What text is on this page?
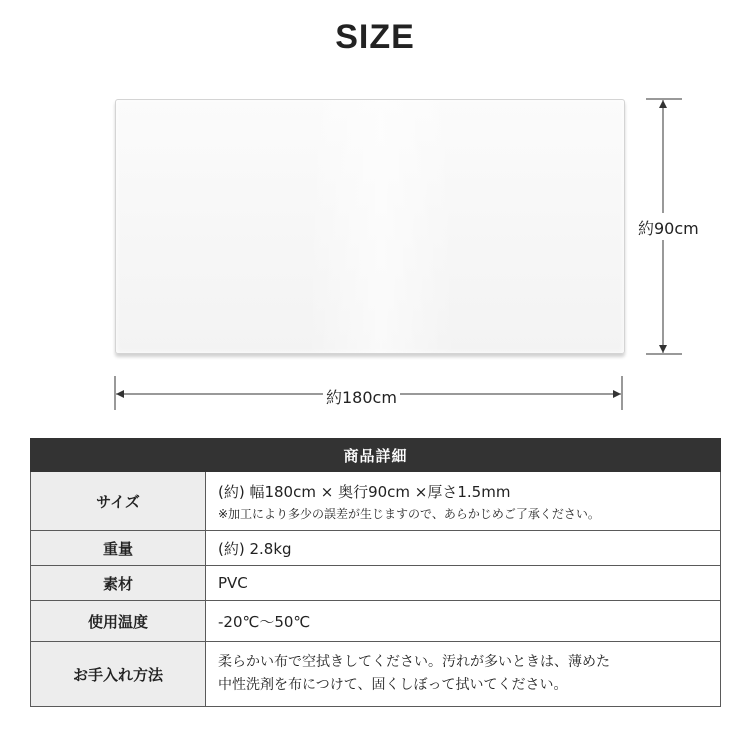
SIZE
約180cm
約90cm
商品詳細	
サイズ	(約) 幅180cm × 奥行90cm ×厚さ1.5mm
※加工により多少の誤差が生じますので、あらかじめご了承ください。

重量	(約) 2.8kg
素材	PVC
使用温度	-20℃〜50℃
お手入れ方法	柔らかい布で空拭きしてください。汚れが多いときは、薄めた
中性洗剤を布につけて、固くしぼって拭いてください。
